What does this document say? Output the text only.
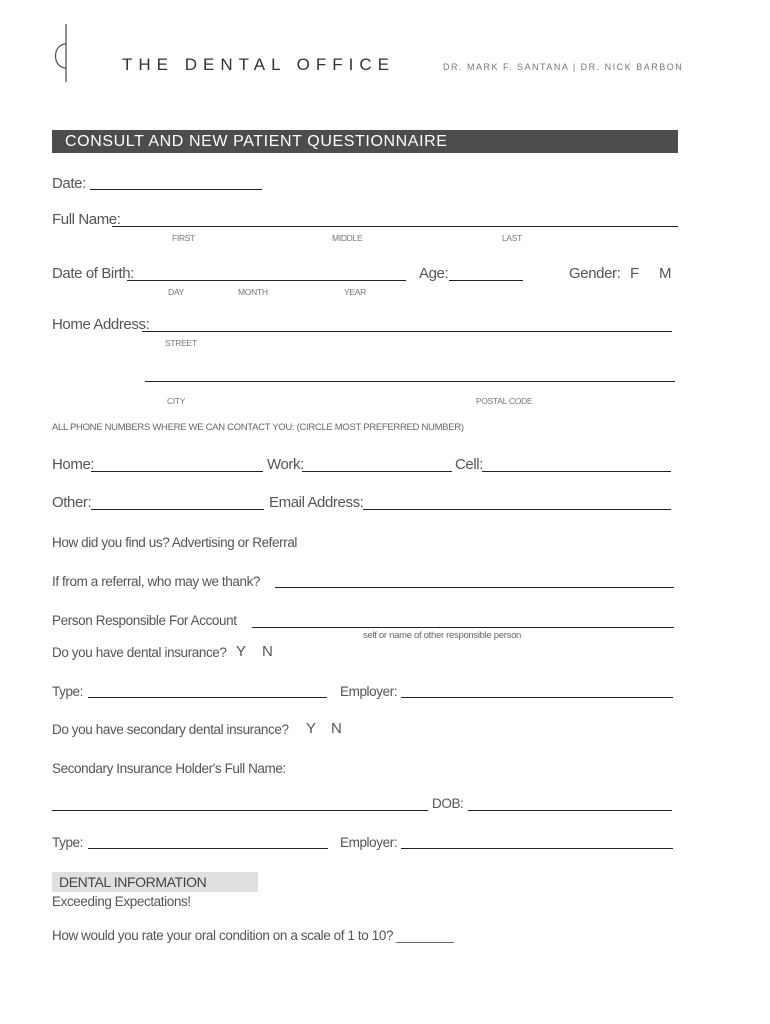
THE DENTAL OFFICE	DR. MARK F. SANTANA | DR. NICK BARBON
CONSULT AND NEW PATIENT QUESTIONNAIRE
Date:
Full Name:
FIRST	MIDDLE	LAST
Date of Birth:
DAY	MONTH	YEAR
Age:	Gender: F M
Home Address:
STREET
CITY	POSTAL CODE
ALL PHONE NUMBERS WHERE WE CAN CONTACT YOU: (CIRCLE MOST PREFERRED NUMBER)
Home:	Work:	Cell:
Other:	Email Address:
How did you find us? Advertising or Referral
If from a referral, who may we thank?
Person Responsible For Account
self or name of other responsible person
Do you have dental insurance? Y N
Type:	Employer:
Do you have secondary dental insurance? Y N
Secondary Insurance Holder's Full Name:
DOB:
Type:	Employer:
DENTAL INFORMATION
Exceeding Expectations!
How would you rate your oral condition on a scale of 1 to 10? ________
